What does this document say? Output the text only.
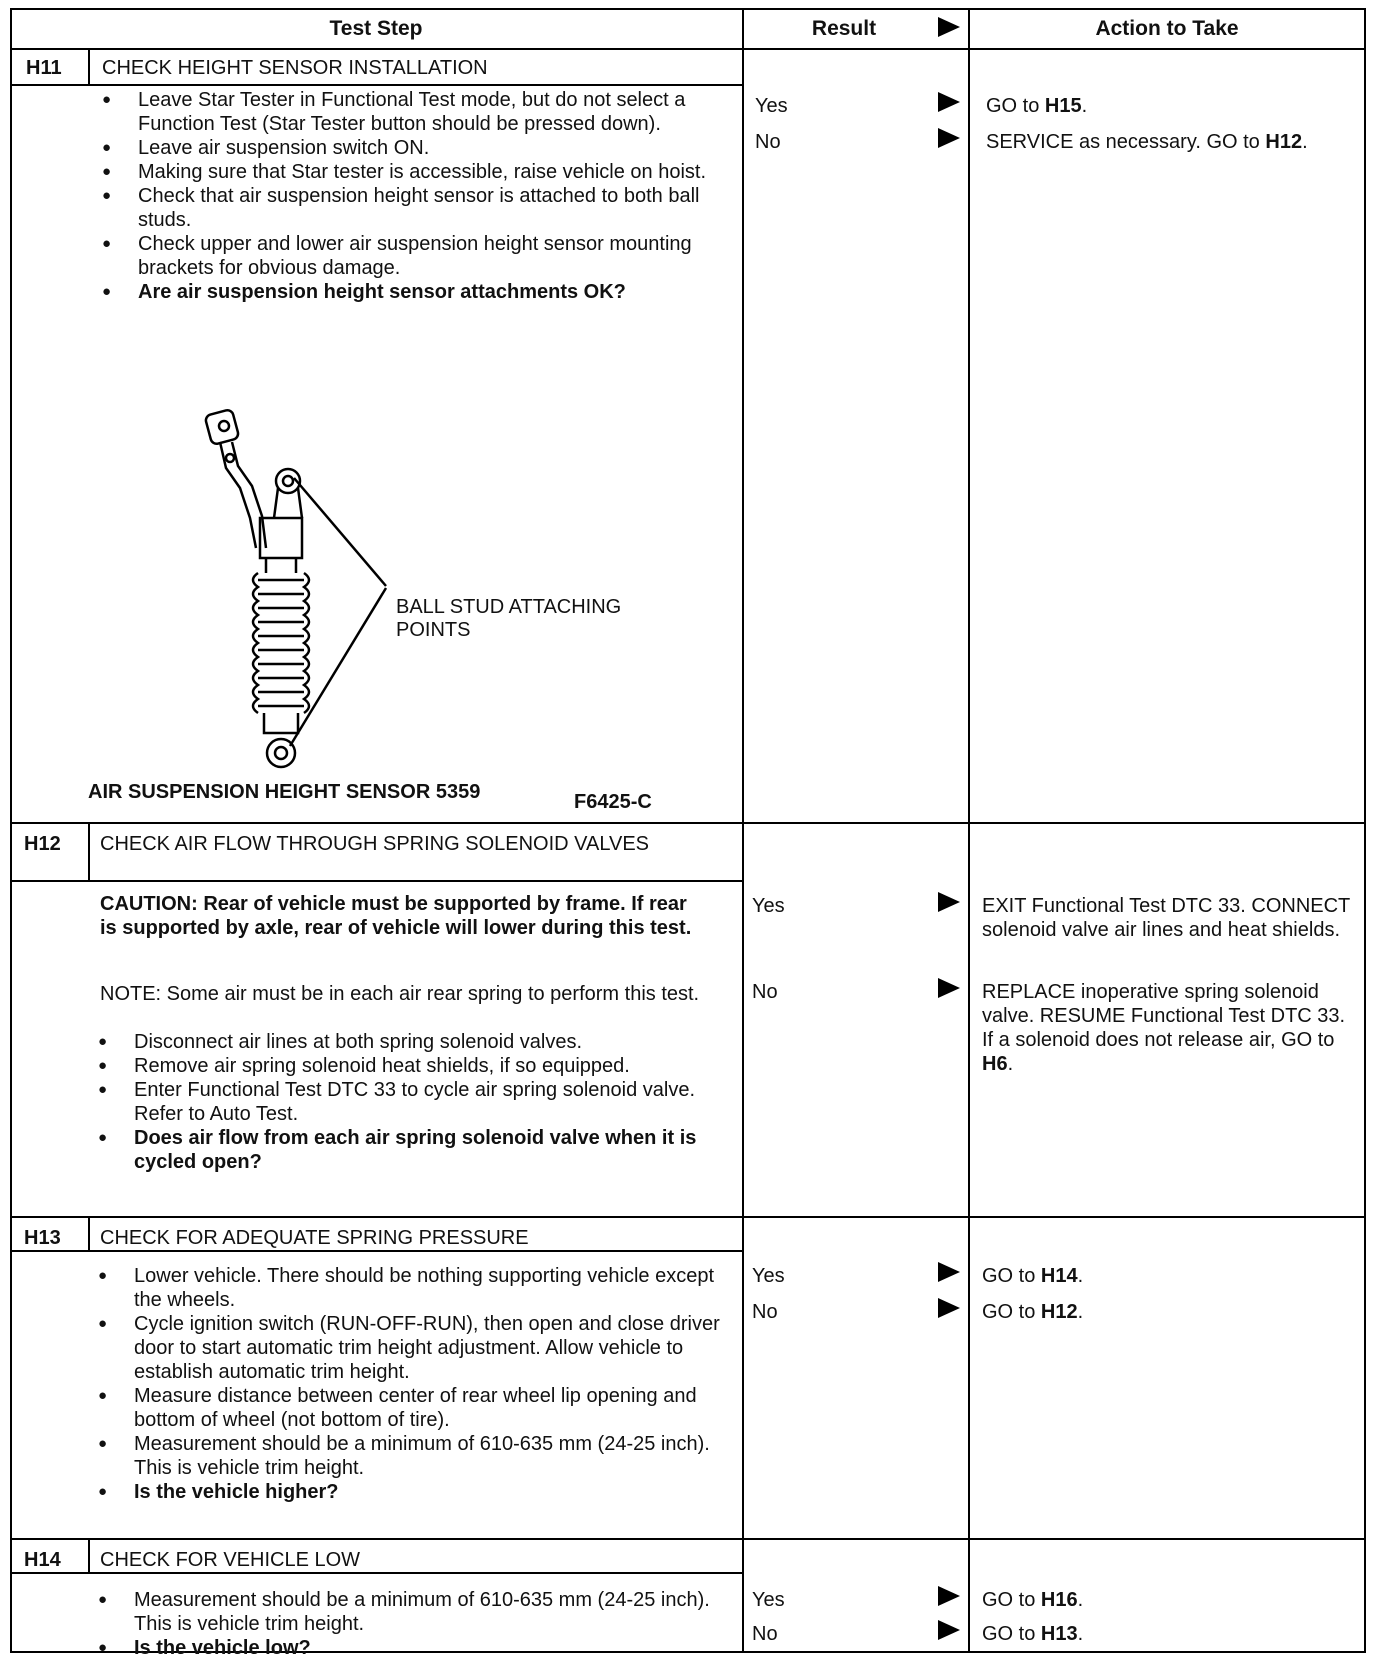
Test Step	Result	Action to Take
H11 CHECK HEIGHT SENSOR INSTALLATION
● Leave Star Tester in Functional Test mode, but do not select a Function Test (Star Tester button should be pressed down).
● Leave air suspension switch ON.
● Making sure that Star tester is accessible, raise vehicle on hoist.
● Check that air suspension height sensor is attached to both ball studs.
● Check upper and lower air suspension height sensor mounting brackets for obvious damage.
● Are air suspension height sensor attachments OK?
BALL STUD ATTACHING POINTS
AIR SUSPENSION HEIGHT SENSOR 5359	F6425-C
Yes	GO to H15.
No	SERVICE as necessary. GO to H12.
H12 CHECK AIR FLOW THROUGH SPRING SOLENOID VALVES
CAUTION: Rear of vehicle must be supported by frame. If rear is supported by axle, rear of vehicle will lower during this test.
NOTE: Some air must be in each air rear spring to perform this test.
● Disconnect air lines at both spring solenoid valves.
● Remove air spring solenoid heat shields, if so equipped.
● Enter Functional Test DTC 33 to cycle air spring solenoid valve. Refer to Auto Test.
● Does air flow from each air spring solenoid valve when it is cycled open?
Yes	EXIT Functional Test DTC 33. CONNECT solenoid valve air lines and heat shields.
No	REPLACE inoperative spring solenoid valve. RESUME Functional Test DTC 33. If a solenoid does not release air, GO to H6.
H13 CHECK FOR ADEQUATE SPRING PRESSURE
● Lower vehicle. There should be nothing supporting vehicle except the wheels.
● Cycle ignition switch (RUN-OFF-RUN), then open and close driver door to start automatic trim height adjustment. Allow vehicle to establish automatic trim height.
● Measure distance between center of rear wheel lip opening and bottom of wheel (not bottom of tire).
● Measurement should be a minimum of 610-635 mm (24-25 inch). This is vehicle trim height.
● Is the vehicle higher?
Yes	GO to H14.
No	GO to H12.
H14 CHECK FOR VEHICLE LOW
● Measurement should be a minimum of 610-635 mm (24-25 inch). This is vehicle trim height.
● Is the vehicle low?
Yes	GO to H16.
No	GO to H13.
